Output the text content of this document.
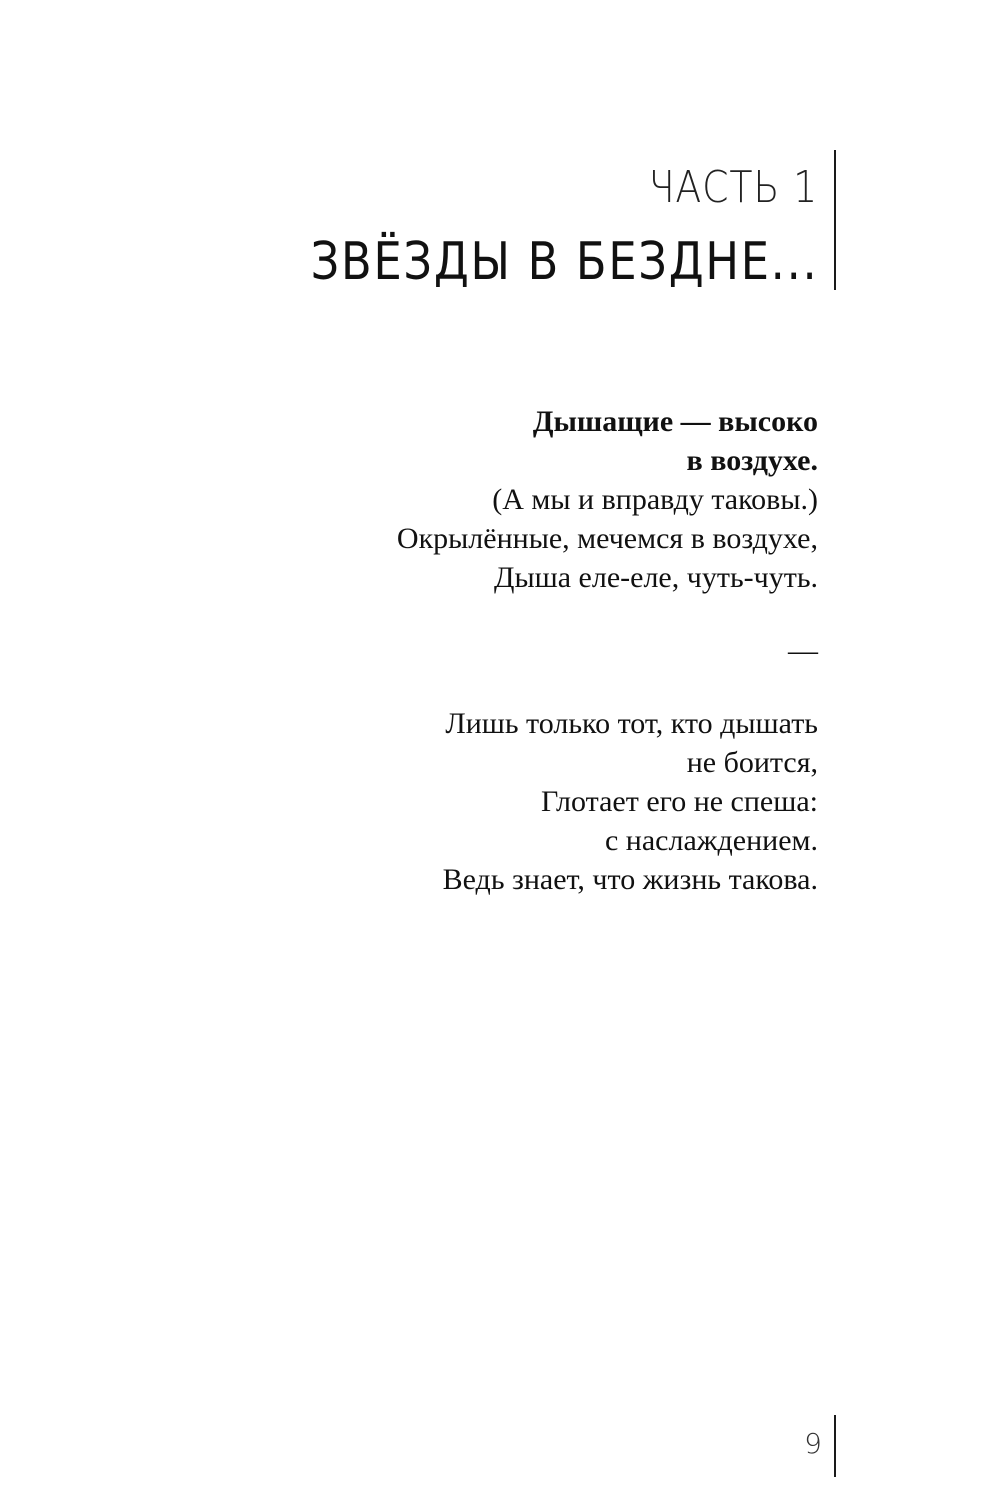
ЧАСТЬ 1
ЗВЁЗДЫ В БЕЗДНЕ...
Дышащие — высоко
в воздухе.
(А мы и вправду таковы.)
Окрылённые, мечемся в воздухе,
Дыша еле-еле, чуть-чуть.
—
Лишь только тот, кто дышать
не боится,
Глотает его не спеша:
с наслаждением.
Ведь знает, что жизнь такова.
9
